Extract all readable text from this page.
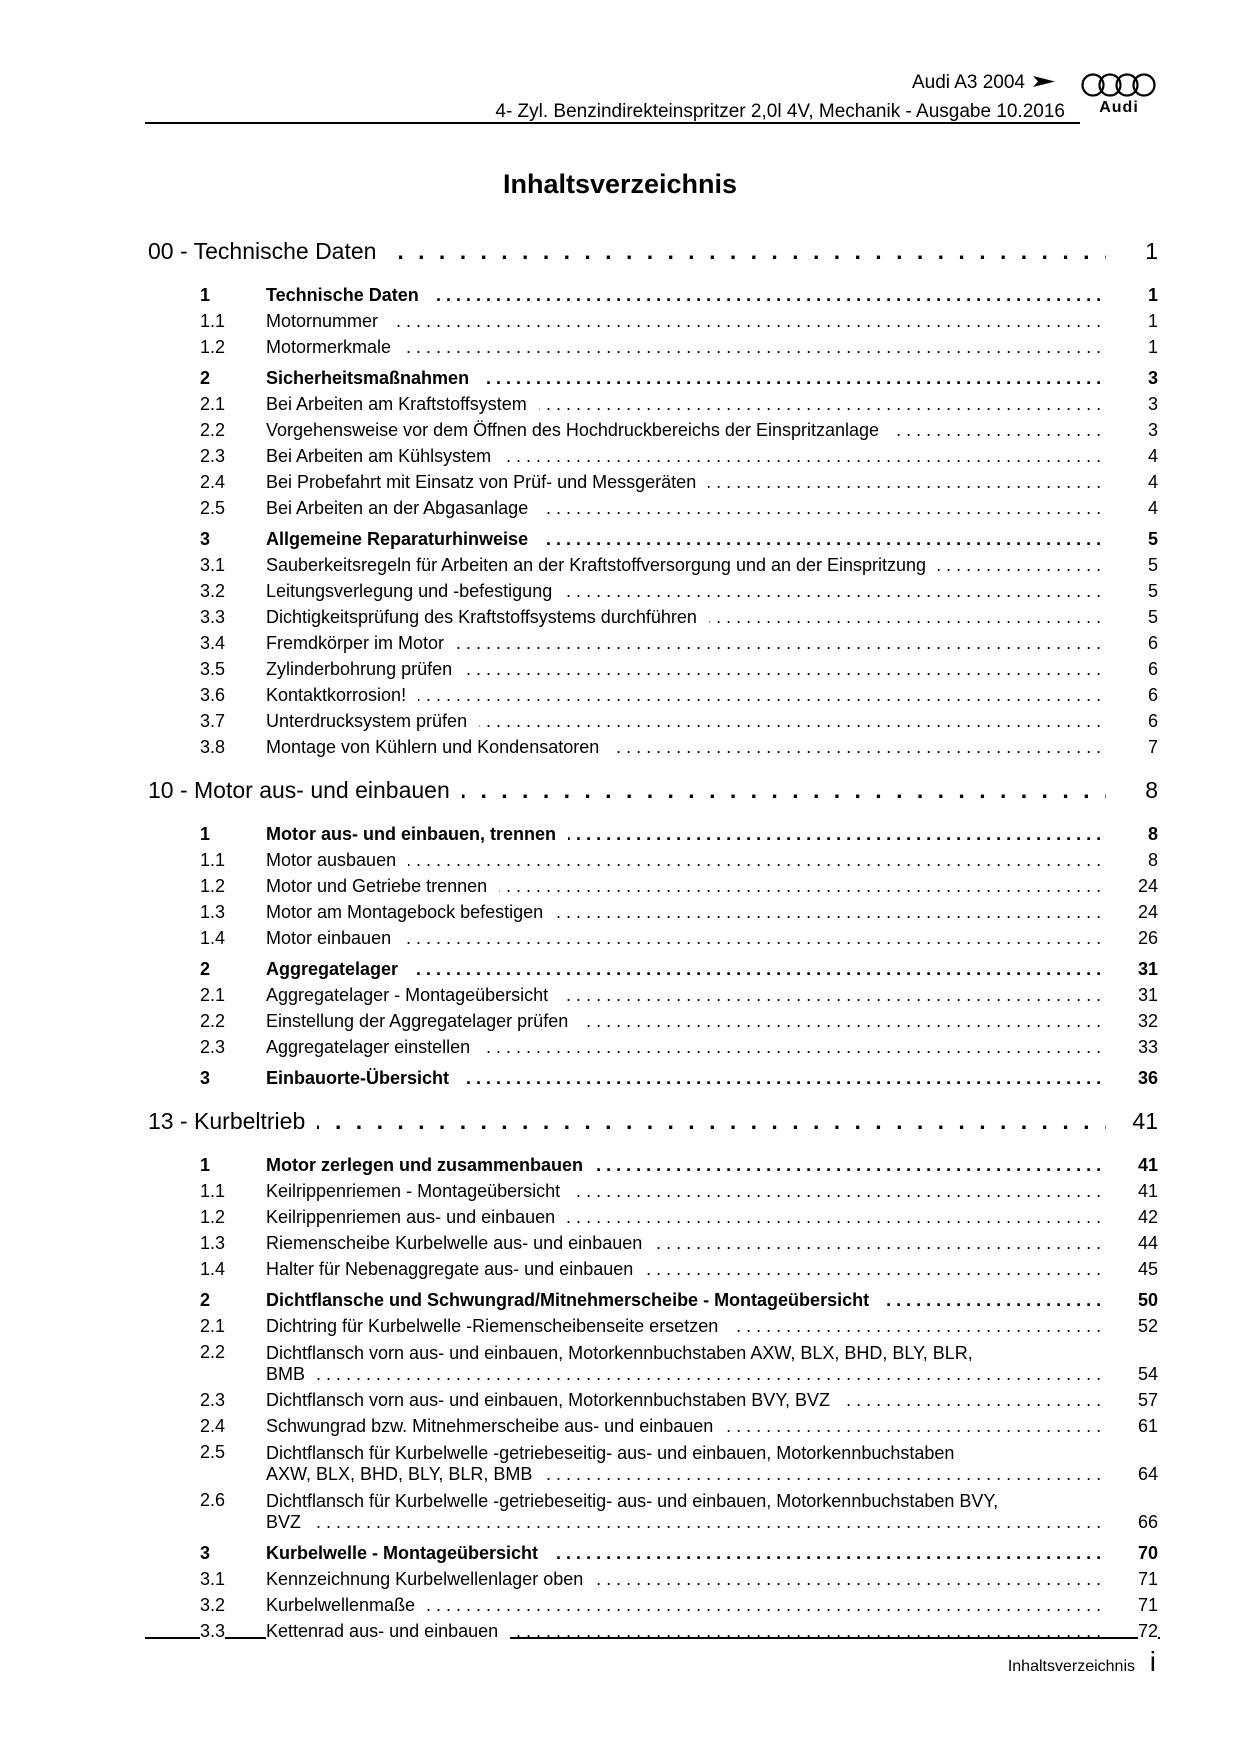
Audi A3 2004
4- Zyl. Benzindirekteinspritzer 2,0l 4V, Mechanik - Ausgabe 10.2016	Audi
Inhaltsverzeichnis
. . .
00 - Technische Daten	1
. . .
1	Technische Daten	1
. . .
1.1 Motornummer	1
. . .
1.2 Motormerkmale	1
. . .
2	Sicherheitsmaßnahmen	3
. . .
2.1 Bei Arbeiten am Kraftstoffsystem	3
. . .
2.2 Vorgehensweise vor dem Öffnen des Hochdruckbereichs der Einspritzanlage	3
. . .
2.3 Bei Arbeiten am Kühlsystem	4
. . .
2.4 Bei Probefahrt mit Einsatz von Prüf- und Messgeräten	4
. . .
2.5 Bei Arbeiten an der Abgasanlage	4
. . .
3	Allgemeine Reparaturhinweise	5
. . .
3.1 Sauberkeitsregeln für Arbeiten an der Kraftstoffversorgung und an der Einspritzung	5
. . .
3.2 Leitungsverlegung und -befestigung	5
. . .
3.3 Dichtigkeitsprüfung des Kraftstoffsystems durchführen	5
. . .
3.4 Fremdkörper im Motor	6
. . .
3.5 Zylinderbohrung prüfen	6
. . .
3.6 Kontaktkorrosion!	6
. . .
3.7 Unterdrucksystem prüfen	6
. . .
3.8 Montage von Kühlern und Kondensatoren	7
. . .
10 - Motor aus- und einbauen	8
. . .
1	Motor aus- und einbauen, trennen	8
. . .
1.1 Motor ausbauen	8
. . .
1.2 Motor und Getriebe trennen	24
. . .
1.3 Motor am Montagebock befestigen	24
. . .
1.4 Motor einbauen	26
. . .
2	Aggregatelager	31
. . .
2.1 Aggregatelager - Montageübersicht	31
. . .
2.2 Einstellung der Aggregatelager prüfen	32
. . .
2.3 Aggregatelager einstellen	33
. . .
3	Einbauorte-Übersicht	36
. . .
13 - Kurbeltrieb	41
. . .
1	Motor zerlegen und zusammenbauen	41
. . .
1.1 Keilrippenriemen - Montageübersicht	41
. . .
1.2 Keilrippenriemen aus- und einbauen	42
. . .
1.3 Riemenscheibe Kurbelwelle aus- und einbauen	44
. . .
1.4 Halter für Nebenaggregate aus- und einbauen	45
. . .
2	Dichtflansche und Schwungrad/Mitnehmerscheibe - Montageübersicht	50
. . .
2.1 Dichtring für Kurbelwelle -Riemenscheibenseite ersetzen	52
. . .
2.2 Dichtflansch vorn aus- und einbauen, Motorkennbuchstaben AXW, BLX, BHD, BLY, BLR,
BMB	54
. . .
2.3 Dichtflansch vorn aus- und einbauen, Motorkennbuchstaben BVY, BVZ	57
. . .
2.4 Schwungrad bzw. Mitnehmerscheibe aus- und einbauen	61
. . .
2.5 Dichtflansch für Kurbelwelle -getriebeseitig- aus- und einbauen, Motorkennbuchstaben
AXW, BLX, BHD, BLY, BLR, BMB	64
. . .
2.6 Dichtflansch für Kurbelwelle -getriebeseitig- aus- und einbauen, Motorkennbuchstaben BVY,
BVZ	66
. . .
3	Kurbelwelle - Montageübersicht	70
. . .
3.1 Kennzeichnung Kurbelwellenlager oben	71
. . .
3.2 Kurbelwellenmaße	71
. . .
3.3 Kettenrad aus- und einbauen	72
Inhaltsverzeichnis i
